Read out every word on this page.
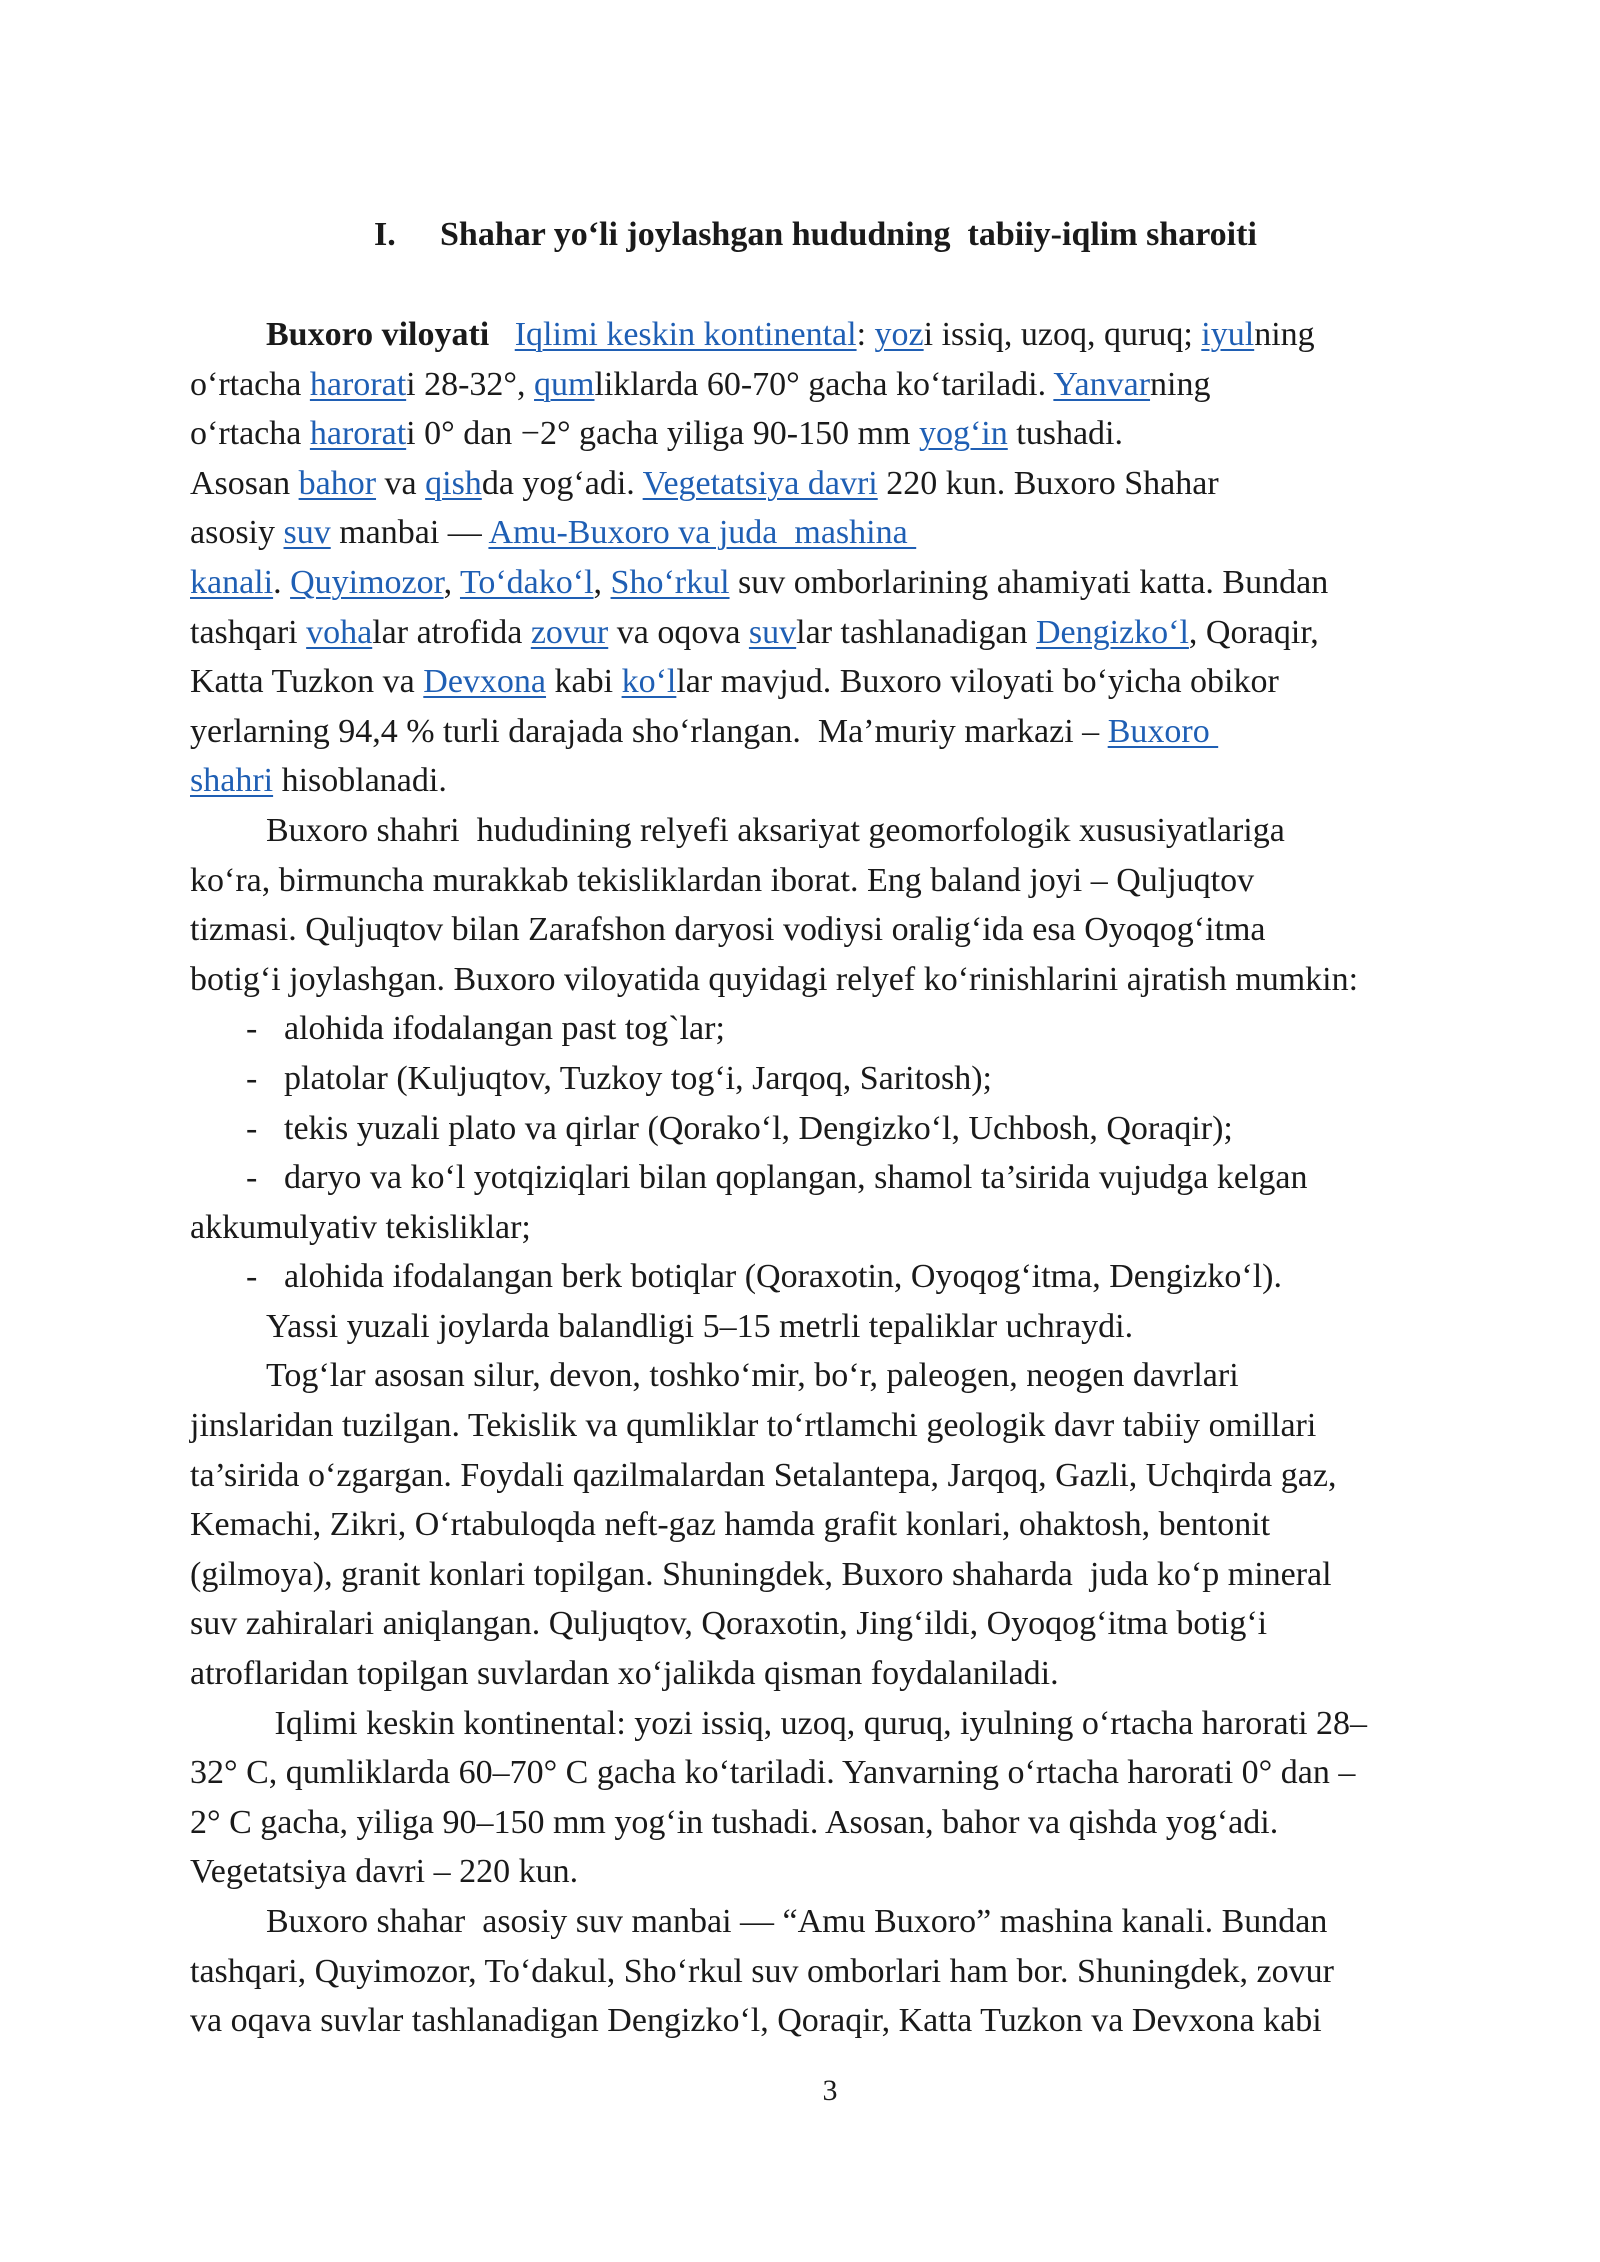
I. Shahar yo‘li joylashgan hududning  tabiiy-iqlim sharoiti
Buxoro viloyati Iqlimi keskin kontinental: yozi issiq, uzoq, quruq; iyulning
o‘rtacha harorati 28-32°, qumliklarda 60-70° gacha ko‘tariladi. Yanvarning
o‘rtacha harorati 0° dan −2° gacha yiliga 90-150 mm yog‘in tushadi.
Asosan bahor va qishda yog‘adi. Vegetatsiya davri 220 kun. Buxoro Shahar
asosiy suv manbai — Amu-Buxoro va juda  mashina
kanali. Quyimozor, To‘dako‘l, Sho‘rkul suv omborlarining ahamiyati katta. Bundan
tashqari vohalar atrofida zovur va oqova suvlar tashlanadigan Dengizko‘l, Qoraqir,
Katta Tuzkon va Devxona kabi ko‘llar mavjud. Buxoro viloyati bo‘yicha obikor
yerlarning 94,4 % turli darajada sho‘rlangan.  Ma’muriy markazi – Buxoro
shahri hisoblanadi.
Buxoro shahri  hududining relyefi aksariyat geomorfologik xususiyatlariga
ko‘ra, birmuncha murakkab tekisliklardan iborat. Eng baland joyi – Quljuqtov
tizmasi. Quljuqtov bilan Zarafshon daryosi vodiysi oralig‘ida esa Oyoqog‘itma
botig‘i joylashgan. Buxoro viloyatida quyidagi relyef ko‘rinishlarini ajratish mumkin:
- alohida ifodalangan past tog`lar;
- platolar (Kuljuqtov, Tuzkoy tog‘i, Jarqoq, Saritosh);
- tekis yuzali plato va qirlar (Qorako‘l, Dengizko‘l, Uchbosh, Qoraqir);
- daryo va ko‘l yotqiziqlari bilan qoplangan, shamol ta’sirida vujudga kelgan
akkumulyativ tekisliklar;
- alohida ifodalangan berk botiqlar (Qoraxotin, Oyoqog‘itma, Dengizko‘l).
Yassi yuzali joylarda balandligi 5–15 metrli tepaliklar uchraydi.
Tog‘lar asosan silur, devon, toshko‘mir, bo‘r, paleogen, neogen davrlari
jinslaridan tuzilgan. Tekislik va qumliklar to‘rtlamchi geologik davr tabiiy omillari
ta’sirida o‘zgargan. Foydali qazilmalardan Setalantepa, Jarqoq, Gazli, Uchqirda gaz,
Kemachi, Zikri, O‘rtabuloqda neft-gaz hamda grafit konlari, ohaktosh, bentonit
(gilmoya), granit konlari topilgan. Shuningdek, Buxoro shaharda  juda ko‘p mineral
suv zahiralari aniqlangan. Quljuqtov, Qoraxotin, Jing‘ildi, Oyoqog‘itma botig‘i
atroflaridan topilgan suvlardan xo‘jalikda qisman foydalaniladi.
Iqlimi keskin kontinental: yozi issiq, uzoq, quruq, iyulning o‘rtacha harorati 28–
32° C, qumliklarda 60–70° C gacha ko‘tariladi. Yanvarning o‘rtacha harorati 0° dan –
2° C gacha, yiliga 90–150 mm yog‘in tushadi. Asosan, bahor va qishda yog‘adi.
Vegetatsiya davri – 220 kun.
Buxoro shahar  asosiy suv manbai — “Amu Buxoro” mashina kanali. Bundan
tashqari, Quyimozor, To‘dakul, Sho‘rkul suv omborlari ham bor. Shuningdek, zovur
va oqava suvlar tashlanadigan Dengizko‘l, Qoraqir, Katta Tuzkon va Devxona kabi
3
